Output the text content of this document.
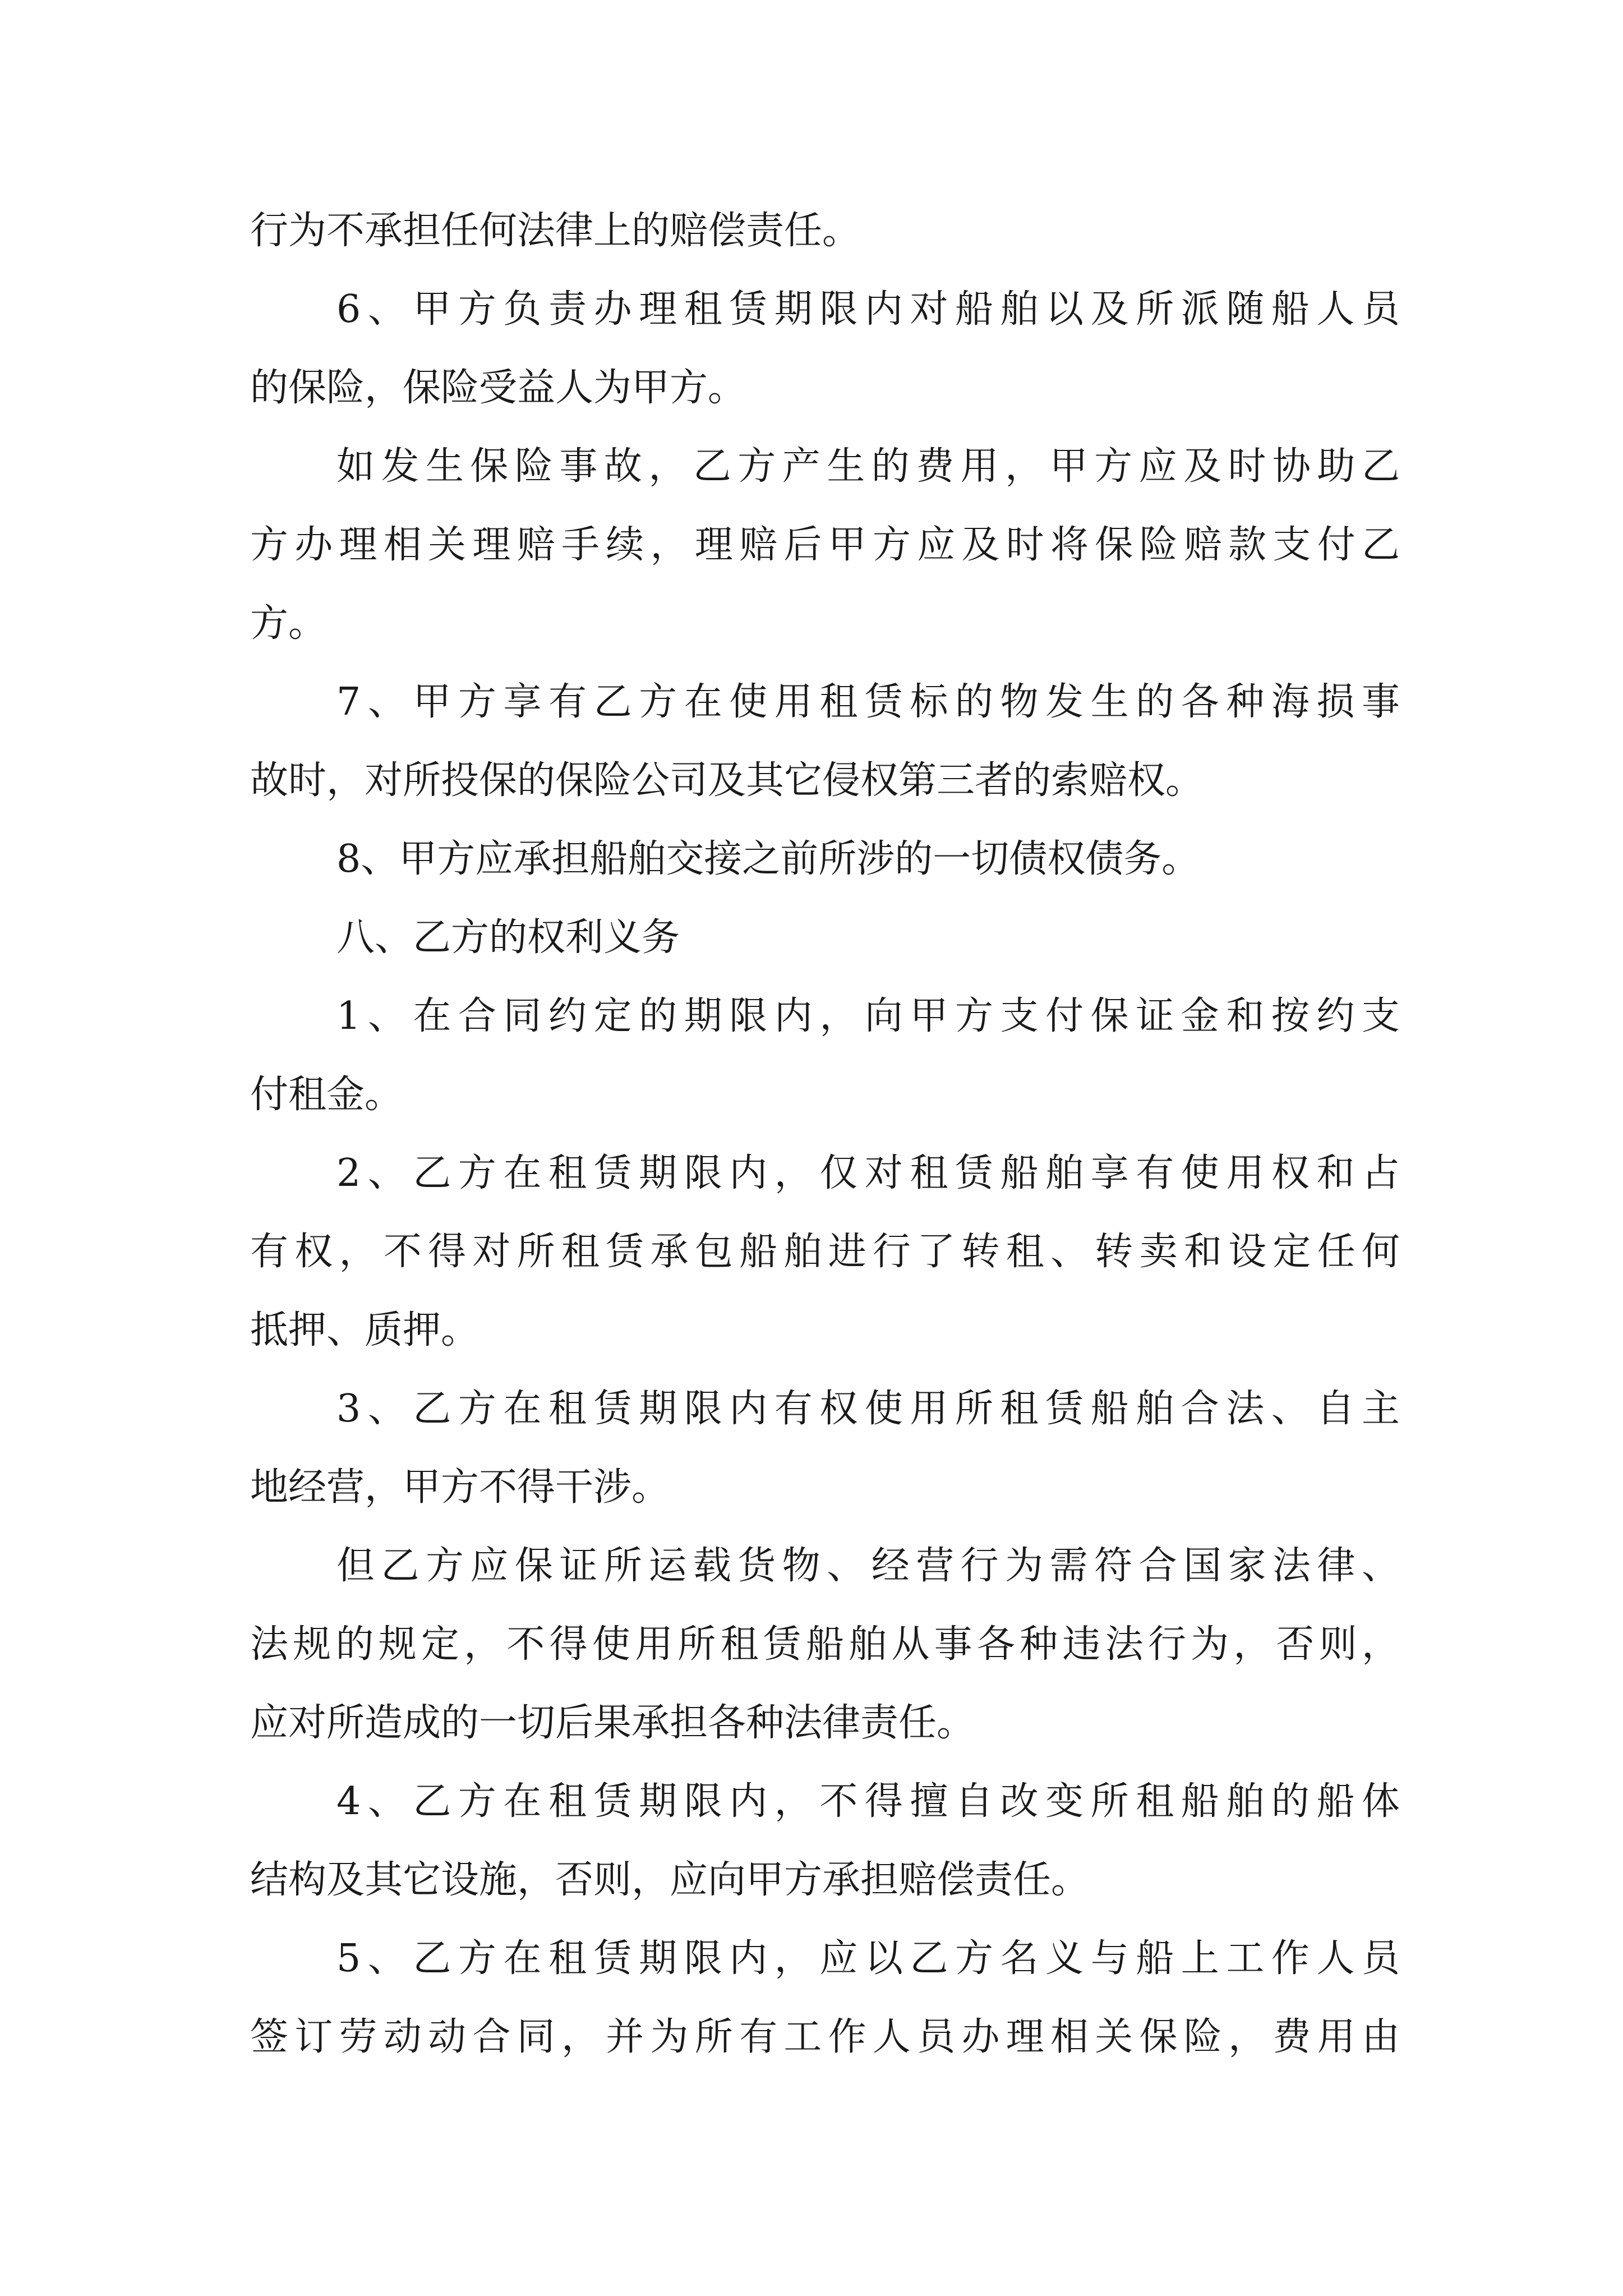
行为不承担任何法律上的赔偿责任。

6、甲方负责办理租赁期限内对船舶以及所派随船人员

的保险，保险受益人为甲方。

如发生保险事故，乙方产生的费用，甲方应及时协助乙

方办理相关理赔手续，理赔后甲方应及时将保险赔款支付乙

方。

7、甲方享有乙方在使用租赁标的物发生的各种海损事

故时，对所投保的保险公司及其它侵权第三者的索赔权。

8、甲方应承担船舶交接之前所涉的一切债权债务。

八、乙方的权利义务

1、在合同约定的期限内，向甲方支付保证金和按约支

付租金。

2、乙方在租赁期限内，仅对租赁船舶享有使用权和占

有权，不得对所租赁承包船舶进行了转租、转卖和设定任何

抵押、质押。

3、乙方在租赁期限内有权使用所租赁船舶合法、自主

地经营，甲方不得干涉。

但乙方应保证所运载货物、经营行为需符合国家法律、

法规的规定，不得使用所租赁船舶从事各种违法行为，否则，

应对所造成的一切后果承担各种法律责任。

4、乙方在租赁期限内，不得擅自改变所租船舶的船体

结构及其它设施，否则，应向甲方承担赔偿责任。

5、乙方在租赁期限内，应以乙方名义与船上工作人员

签订劳动动合同，并为所有工作人员办理相关保险，费用由
